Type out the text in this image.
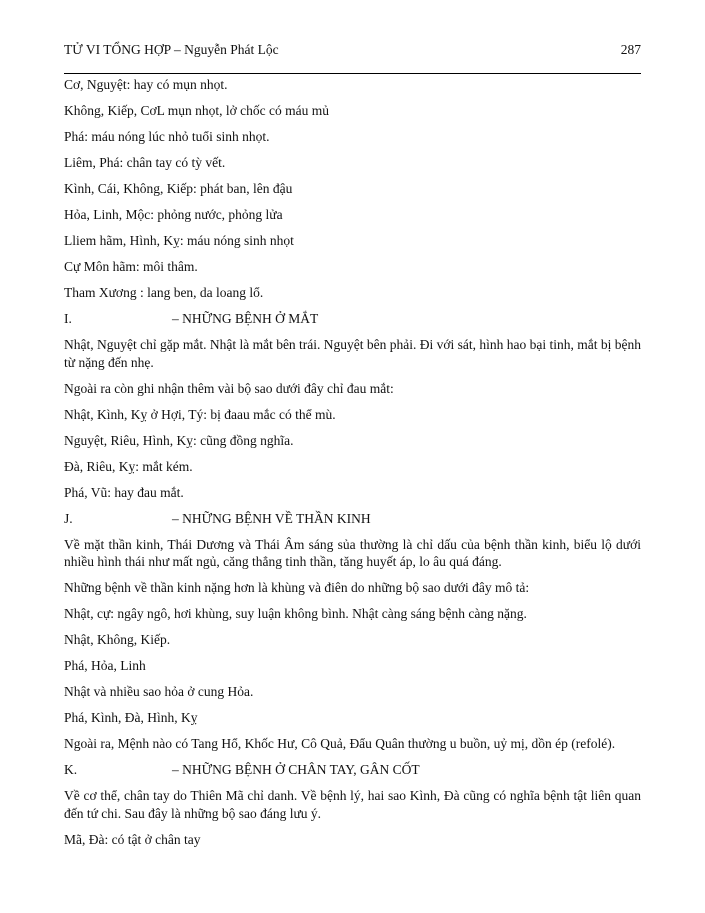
TỬ VI TỔNG HỢP – Nguyễn Phát Lộc	287

Cơ, Nguyệt: hay có mụn nhọt.

Không, Kiếp, CơL mụn nhọt, lở chốc có máu mủ

Phá: máu nóng lúc nhỏ tuổi sinh nhọt.

Liêm, Phá: chân tay có tỳ vết.

Kình, Cái, Không, Kiếp: phát ban, lên đậu

Hỏa, Linh, Mộc: phỏng nước, phỏng lửa

Lliem hãm, Hình, Kỵ: máu nóng sinh nhọt

Cự Môn hãm: môi thâm.

Tham Xương : lang ben, da loang lổ.

I.	– NHỮNG BỆNH Ở MẮT

Nhật, Nguyệt chỉ gặp mắt. Nhật là mắt bên trái. Nguyệt bên phải. Đi với sát, hình hao bại tinh, mắt bị bệnh từ nặng đến nhẹ.

Ngoài ra còn ghi nhận thêm vài bộ sao dưới đây chỉ đau mắt:

Nhật, Kình, Kỵ ở Hợi, Tý: bị đaau mắc có thể mù.

Nguyệt, Riêu, Hình, Kỵ: cũng đồng nghĩa.

Đà, Riêu, Kỵ: mắt kém.

Phá, Vũ: hay đau mắt.

J.	– NHỮNG BỆNH VỀ THẦN KINH

Về mặt thần kinh, Thái Dương và Thái Âm sáng sủa thường là chỉ dấu của bệnh thần kinh, biểu lộ dưới nhiều hình thái như mất ngủ, căng thẳng tinh thần, tăng huyết áp, lo âu quá đáng.

Những bệnh về thần kinh nặng hơn là khùng và điên do những bộ sao dưới đây mô tả:

Nhật, cự: ngây ngô, hơi khùng, suy luận không bình. Nhật càng sáng bệnh càng nặng.

Nhật, Không, Kiếp.

Phá, Hỏa, Linh

Nhật và nhiều sao hỏa ở cung Hỏa.

Phá, Kình, Đà, Hình, Kỵ

Ngoài ra, Mệnh nào có Tang Hổ, Khốc Hư, Cô Quả, Đẩu Quân thường u buồn, uỷ mị, dồn ép (refolé).

K.	– NHỮNG BỆNH Ở CHÂN TAY, GÂN CỐT

Về cơ thể, chân tay do Thiên Mã chỉ danh. Về bệnh lý, hai sao Kình, Đà cũng có nghĩa bệnh tật liên quan đến tứ chi. Sau đây là những bộ sao đáng lưu ý.

Mã, Đà: có tật ở chân tay
